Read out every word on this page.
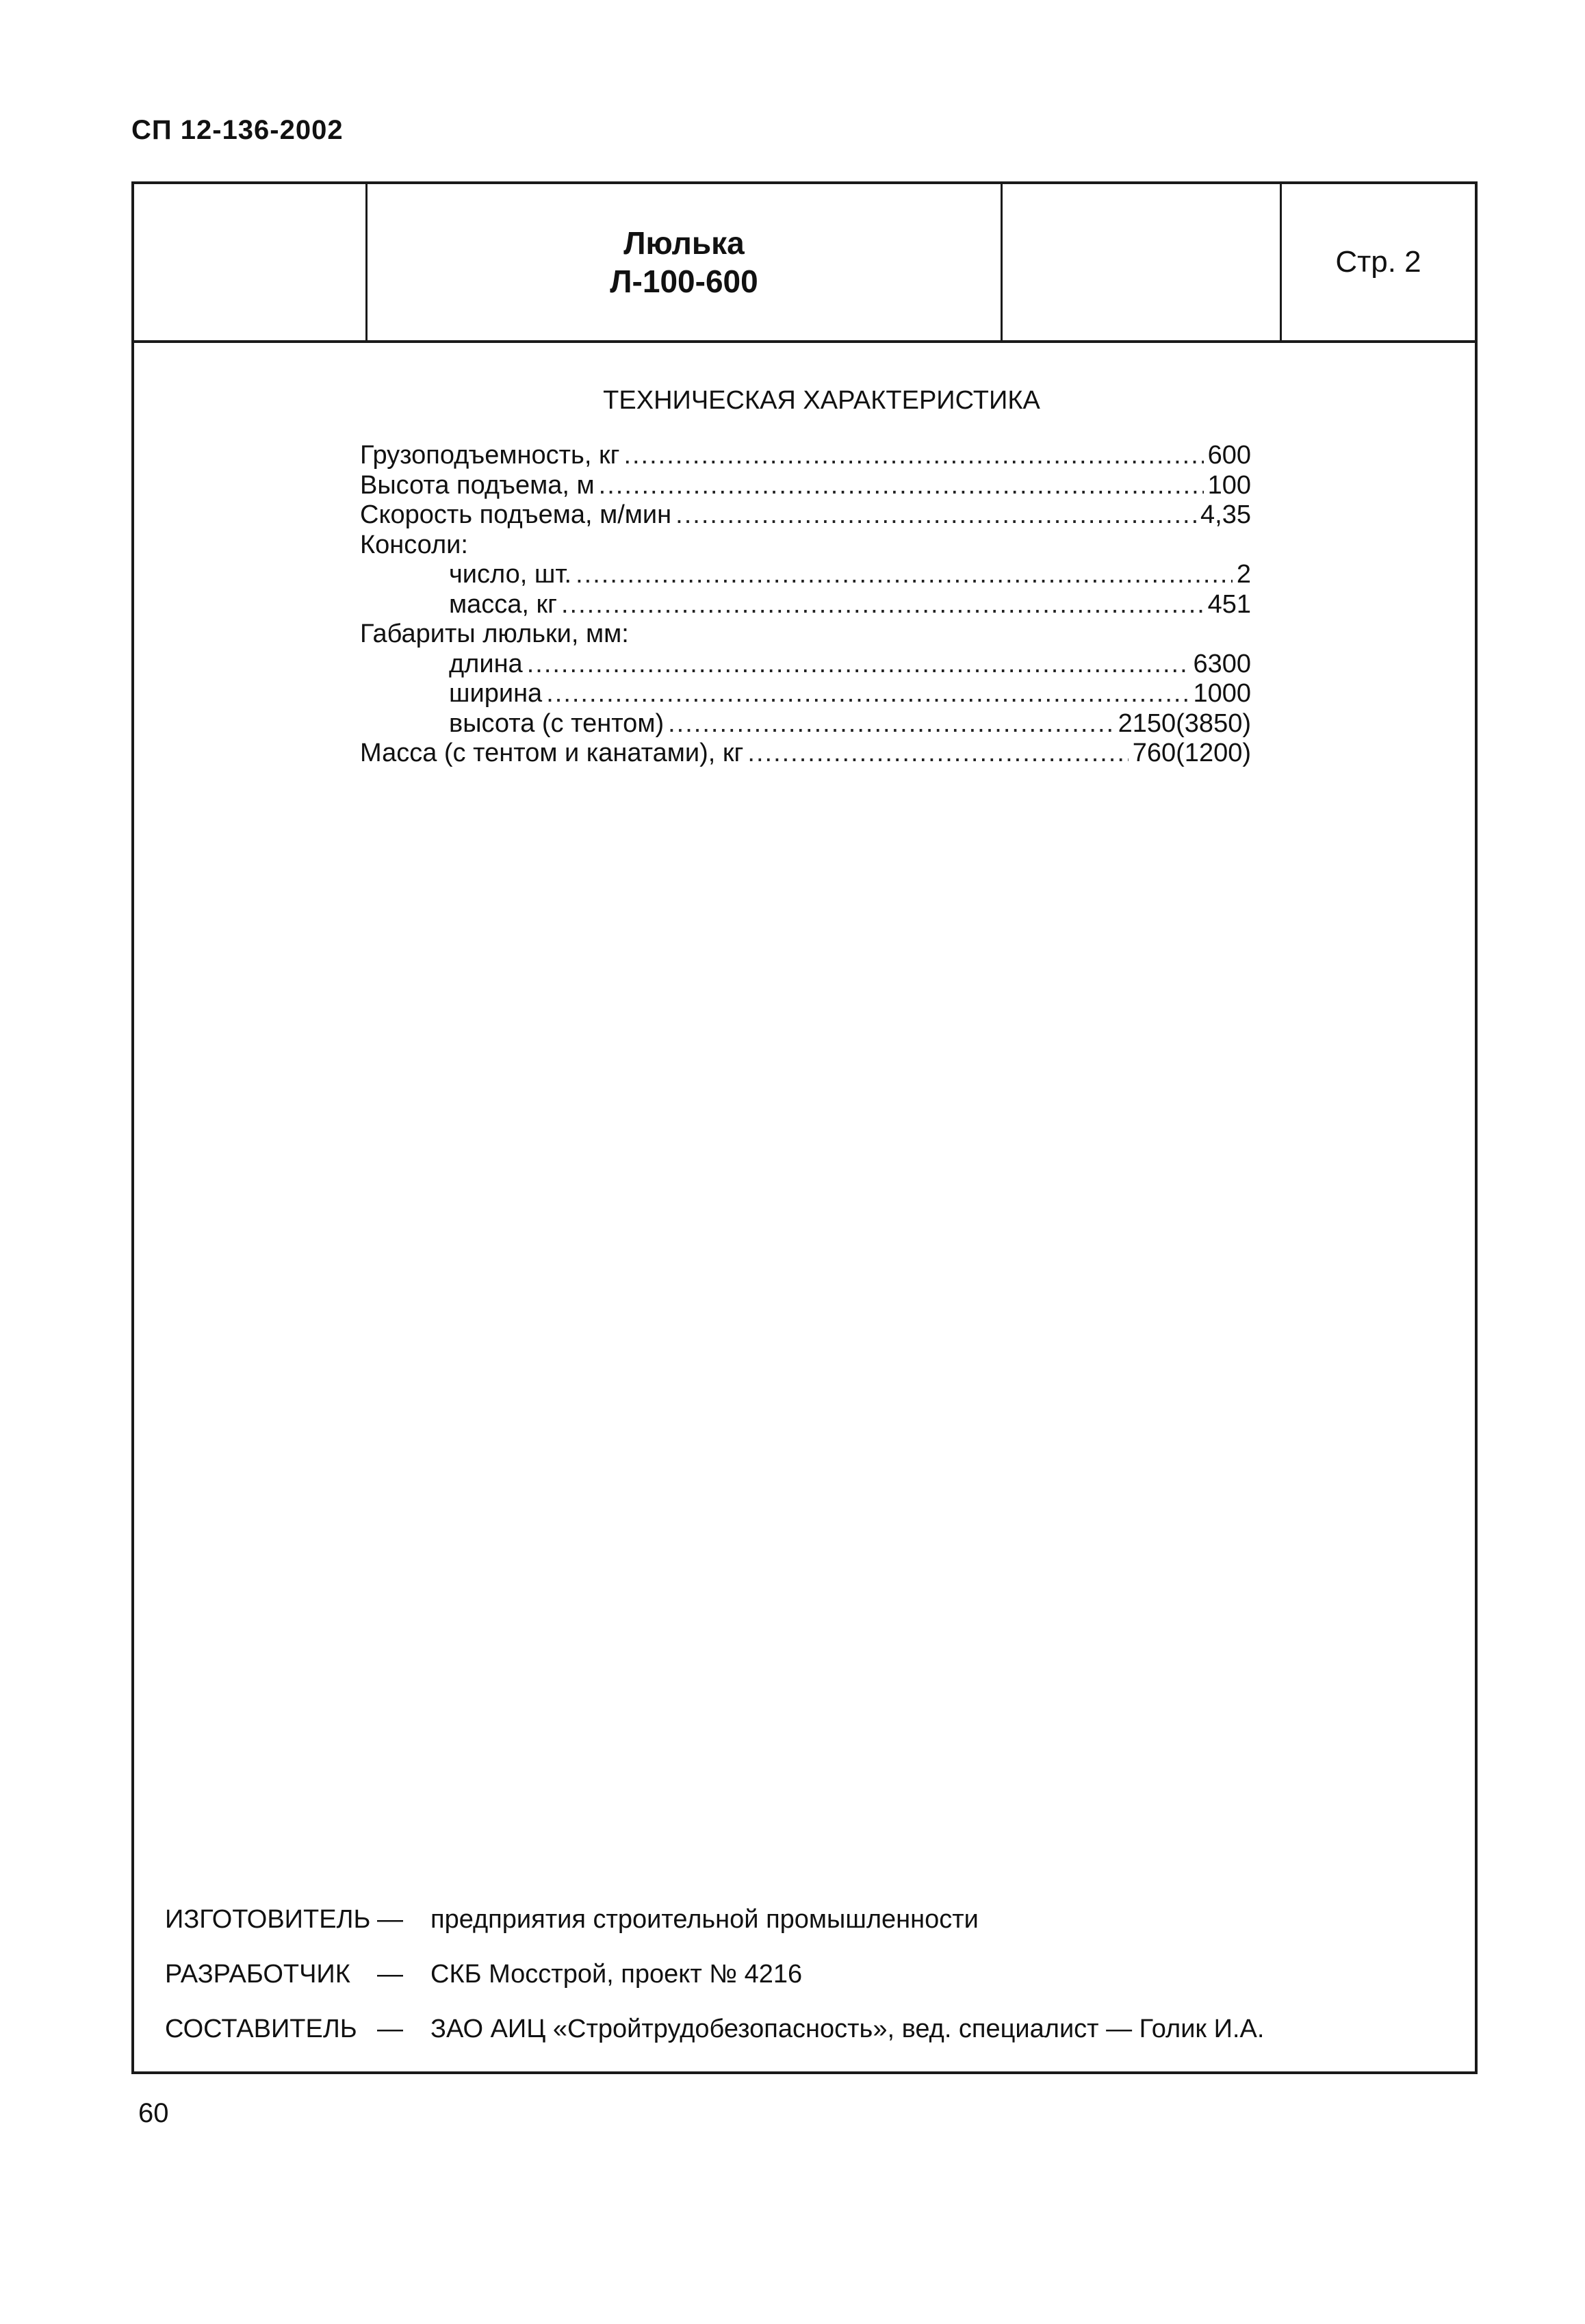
СП 12-136-2002
Люлька
Л-100-600
Стр. 2
ТЕХНИЧЕСКАЯ ХАРАКТЕРИСТИКА
Грузоподъемность, кг .....	600
Высота подъема, м .....	100
Скорость подъема, м/мин .....	4,35
Консоли:
число, шт. .....	2
масса, кг .....	451
Габариты люльки, мм:
длина .....	6300
ширина .....	1000
высота (с тентом) .....	2150(3850)
Масса (с тентом и канатами), кг .....	760(1200)
ИЗГОТОВИТЕЛЬ —	предприятия строительной промышленности
РАЗРАБОТЧИК	—	СКБ Мосстрой, проект № 4216
СОСТАВИТЕЛЬ —	ЗАО АИЦ «Стройтрудобезопасность», вед. специалист — Голик И.А.
60
